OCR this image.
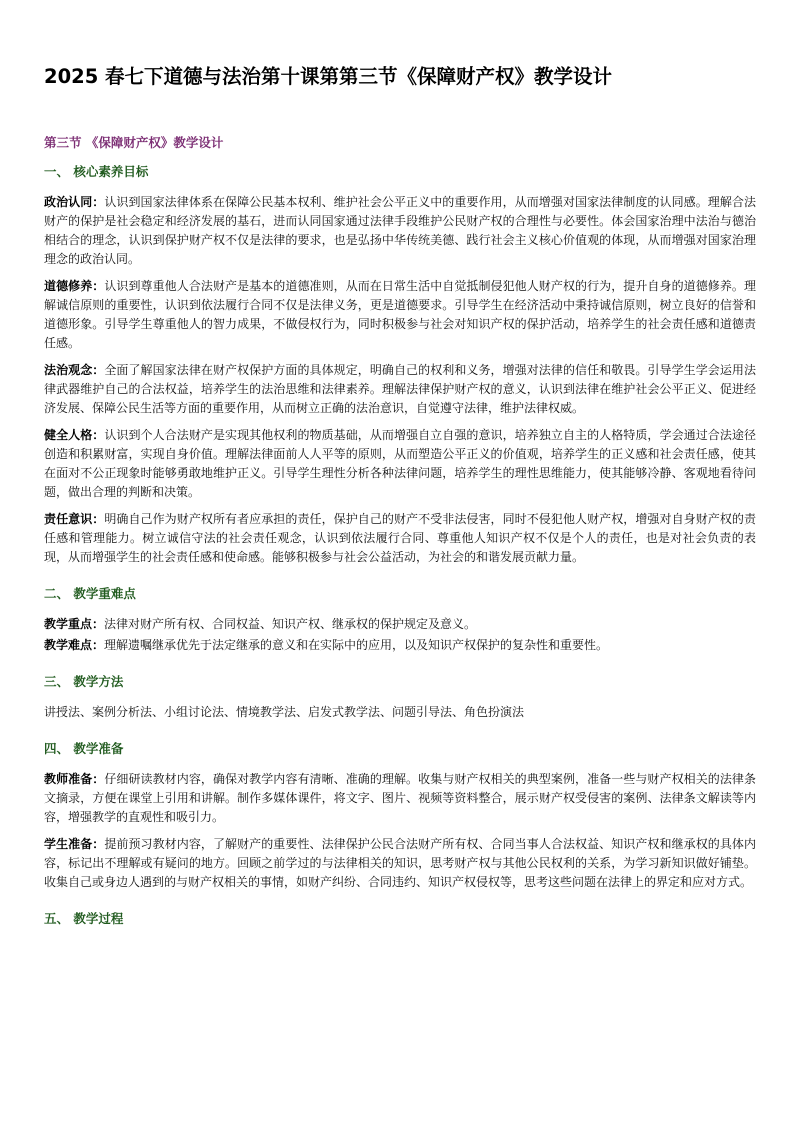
2025 春七下道德与法治第十课第第三节《保障财产权》教学设计
第三节 《保障财产权》教学设计
一、 核心素养目标

政治认同：认识到国家法律体系在保障公民基本权利、维护社会公平正义中的重要作用，从而增强对国家法律制度的认同感。理解合法财产的保护是社会稳定和经济发展的基石，进而认同国家通过法律手段维护公民财产权的合理性与必要性。体会国家治理中法治与德治相结合的理念，认识到保护财产权不仅是法律的要求，也是弘扬中华传统美德、践行社会主义核心价值观的体现，从而增强对国家治理理念的政治认同。

道德修养：认识到尊重他人合法财产是基本的道德准则，从而在日常生活中自觉抵制侵犯他人财产权的行为，提升自身的道德修养。理解诚信原则的重要性，认识到依法履行合同不仅是法律义务，更是道德要求。引导学生在经济活动中秉持诚信原则，树立良好的信誉和道德形象。引导学生尊重他人的智力成果，不做侵权行为，同时积极参与社会对知识产权的保护活动，培养学生的社会责任感和道德责任感。

法治观念：全面了解国家法律在财产权保护方面的具体规定，明确自己的权利和义务，增强对法律的信任和敬畏。引导学生学会运用法律武器维护自己的合法权益，培养学生的法治思维和法律素养。理解法律保护财产权的意义，认识到法律在维护社会公平正义、促进经济发展、保障公民生活等方面的重要作用，从而树立正确的法治意识，自觉遵守法律，维护法律权威。

健全人格：认识到个人合法财产是实现其他权利的物质基础，从而增强自立自强的意识，培养独立自主的人格特质，学会通过合法途径创造和积累财富，实现自身价值。理解法律面前人人平等的原则，从而塑造公平正义的价值观，培养学生的正义感和社会责任感，使其在面对不公正现象时能够勇敢地维护正义。引导学生理性分析各种法律问题，培养学生的理性思维能力，使其能够冷静、客观地看待问题，做出合理的判断和决策。

责任意识：明确自己作为财产权所有者应承担的责任，保护自己的财产不受非法侵害，同时不侵犯他人财产权，增强对自身财产权的责任感和管理能力。树立诚信守法的社会责任观念，认识到依法履行合同、尊重他人知识产权不仅是个人的责任，也是对社会负责的表现，从而增强学生的社会责任感和使命感。能够积极参与社会公益活动，为社会的和谐发展贡献力量。

二、 教学重难点

教学重点：法律对财产所有权、合同权益、知识产权、继承权的保护规定及意义。

教学难点：理解遗嘱继承优先于法定继承的意义和在实际中的应用，以及知识产权保护的复杂性和重要性。

三、 教学方法

讲授法、案例分析法、小组讨论法、情境教学法、启发式教学法、问题引导法、角色扮演法

四、 教学准备

教师准备：仔细研读教材内容，确保对教学内容有清晰、准确的理解。收集与财产权相关的典型案例，准备一些与财产权相关的法律条文摘录，方便在课堂上引用和讲解。制作多媒体课件，将文字、图片、视频等资料整合，展示财产权受侵害的案例、法律条文解读等内容，增强教学的直观性和吸引力。

学生准备：提前预习教材内容，了解财产的重要性、法律保护公民合法财产所有权、合同当事人合法权益、知识产权和继承权的具体内容，标记出不理解或有疑问的地方。回顾之前学过的与法律相关的知识，思考财产权与其他公民权利的关系，为学习新知识做好铺垫。收集自己或身边人遇到的与财产权相关的事情，如财产纠纷、合同违约、知识产权侵权等，思考这些问题在法律上的界定和应对方式。

五、 教学过程
